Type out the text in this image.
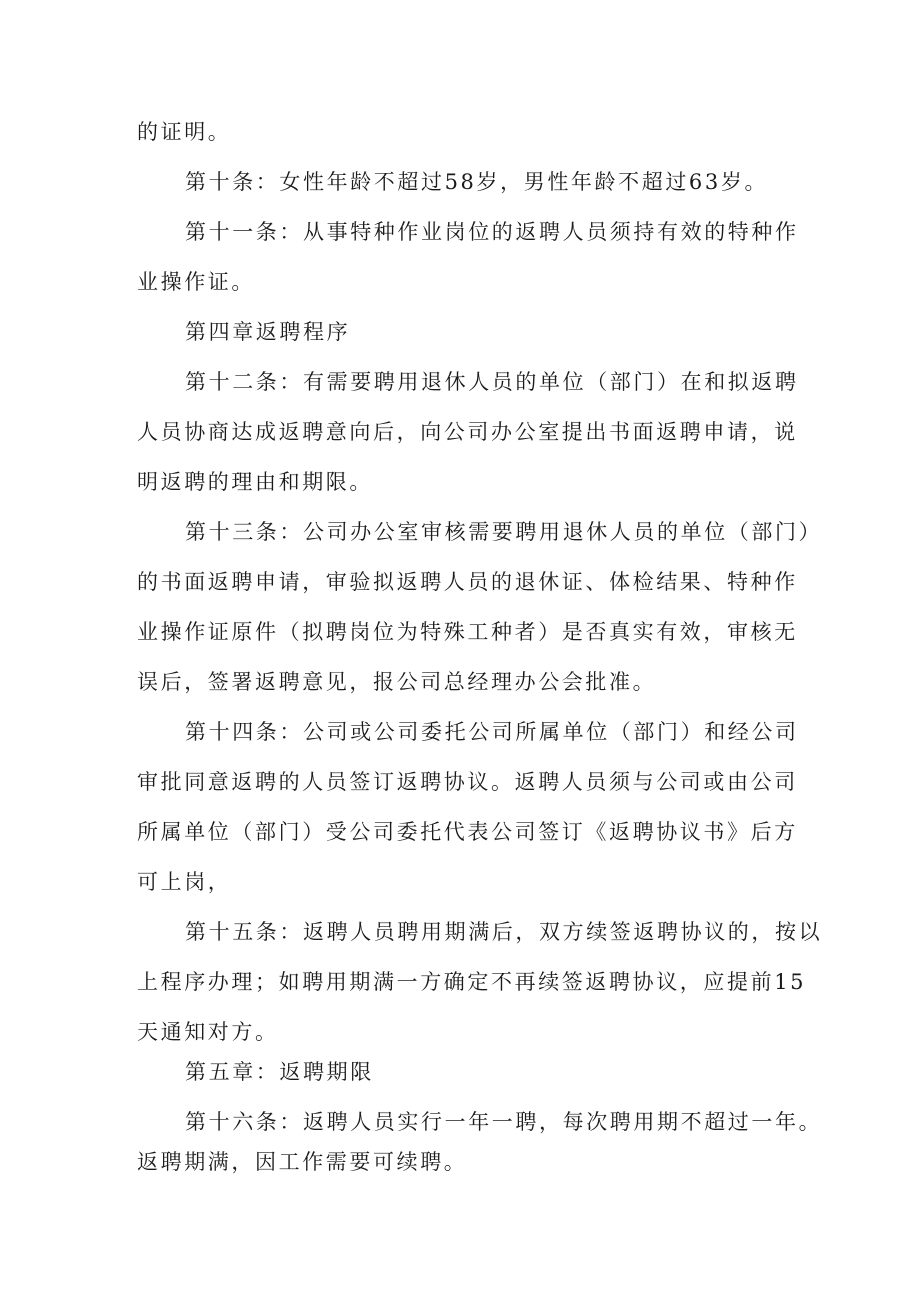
的证明。
第十条：女性年龄不超过58岁，男性年龄不超过63岁。
第十一条：从事特种作业岗位的返聘人员须持有效的特种作
业操作证。
第四章返聘程序
第十二条：有需要聘用退休人员的单位（部门）在和拟返聘
人员协商达成返聘意向后，向公司办公室提出书面返聘申请，说
明返聘的理由和期限。
第十三条：公司办公室审核需要聘用退休人员的单位（部门）
的书面返聘申请，审验拟返聘人员的退休证、体检结果、特种作
业操作证原件（拟聘岗位为特殊工种者）是否真实有效，审核无
误后，签署返聘意见，报公司总经理办公会批准。
第十四条：公司或公司委托公司所属单位（部门）和经公司
审批同意返聘的人员签订返聘协议。返聘人员须与公司或由公司
所属单位（部门）受公司委托代表公司签订《返聘协议书》后方
可上岗，
第十五条：返聘人员聘用期满后，双方续签返聘协议的，按以
上程序办理；如聘用期满一方确定不再续签返聘协议，应提前15
天通知对方。
第五章：返聘期限
第十六条：返聘人员实行一年一聘，每次聘用期不超过一年。
返聘期满，因工作需要可续聘。
